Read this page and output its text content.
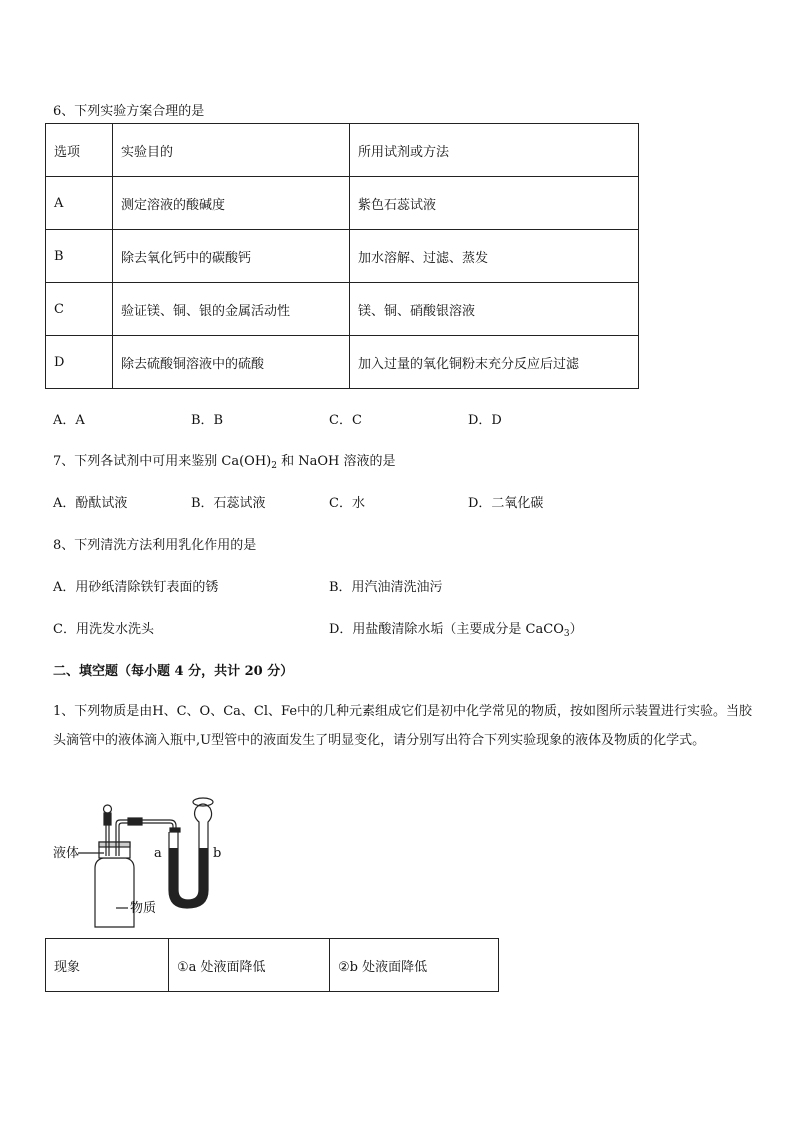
6、下列实验方案合理的是
选项	实验目的	所用试剂或方法
A	测定溶液的酸碱度	紫色石蕊试液
B	除去氧化钙中的碳酸钙	加水溶解、过滤、蒸发
C	验证镁、铜、银的金属活动性	镁、铜、硝酸银溶液
D	除去硫酸铜溶液中的硫酸	加入过量的氧化铜粉末充分反应后过滤
A．A	B．B	C．C	D．D
7、下列各试剂中可用来鉴别 $Ca(OH)_2$ 和 NaOH 溶液的是
A．酚酞试液	B．石蕊试液	C．水	D．二氧化碳
8、下列清洗方法利用乳化作用的是
A．用砂纸清除铁钉表面的锈	B．用汽油清洗油污
C．用洗发水洗头	D．用盐酸清除水垢（主要成分是 CaCO$_3$）
二、填空题（每小题 4 分，共计 20 分）
1、下列物质是由H、C、O、Ca、Cl、Fe中的几种元素组成它们是初中化学常见的物质，按如图所示装置进行实验。当胶头滴管中的液体滴入瓶中,U型管中的液面发生了明显变化，请分别写出符合下列实验现象的液体及物质的化学式。
液体
物质
a	b
现象	①a 处液面降低	②b 处液面降低
